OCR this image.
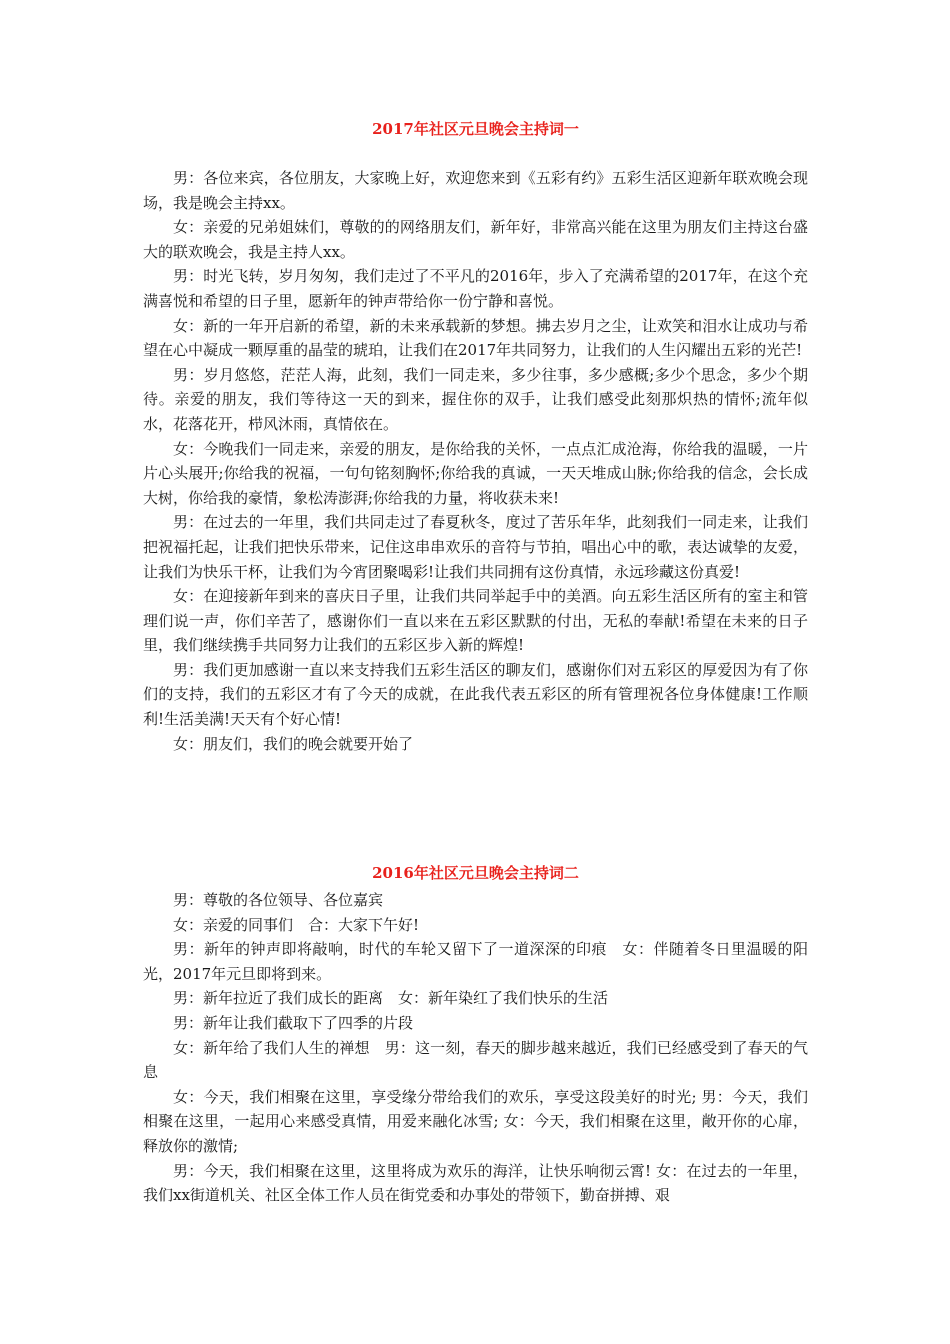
2017年社区元旦晚会主持词一

男：各位来宾，各位朋友，大家晚上好，欢迎您来到《五彩有约》五彩生活区迎新年联欢晚会现场，我是晚会主持xx。

女：亲爱的兄弟姐妹们，尊敬的的网络朋友们，新年好，非常高兴能在这里为朋友们主持这台盛大的联欢晚会，我是主持人xx。

男：时光飞转，岁月匆匆，我们走过了不平凡的2016年，步入了充满希望的2017年，在这个充满喜悦和希望的日子里，愿新年的钟声带给你一份宁静和喜悦。

女：新的一年开启新的希望，新的未来承载新的梦想。拂去岁月之尘，让欢笑和泪水让成功与希望在心中凝成一颗厚重的晶莹的琥珀，让我们在2017年共同努力，让我们的人生闪耀出五彩的光芒!

男：岁月悠悠，茫茫人海，此刻，我们一同走来，多少往事，多少感概;多少个思念，多少个期待。亲爱的朋友，我们等待这一天的到来，握住你的双手，让我们感受此刻那炽热的情怀;流年似水，花落花开，栉风沐雨，真情依在。

女：今晚我们一同走来，亲爱的朋友，是你给我的关怀，一点点汇成沧海，你给我的温暖，一片片心头展开;你给我的祝福，一句句铭刻胸怀;你给我的真诚，一天天堆成山脉;你给我的信念，会长成大树，你给我的豪情，象松涛澎湃;你给我的力量，将收获未来!

男：在过去的一年里，我们共同走过了春夏秋冬，度过了苦乐年华，此刻我们一同走来，让我们把祝福托起，让我们把快乐带来，记住这串串欢乐的音符与节拍，唱出心中的歌，表达诚挚的友爱，让我们为快乐干杯，让我们为今宵团聚喝彩!让我们共同拥有这份真情，永远珍藏这份真爱!

女：在迎接新年到来的喜庆日子里，让我们共同举起手中的美酒。向五彩生活区所有的室主和管理们说一声，你们辛苦了，感谢你们一直以来在五彩区默默的付出，无私的奉献!希望在未来的日子里，我们继续携手共同努力让我们的五彩区步入新的辉煌!

男：我们更加感谢一直以来支持我们五彩生活区的聊友们，感谢你们对五彩区的厚爱因为有了你们的支持，我们的五彩区才有了今天的成就，在此我代表五彩区的所有管理祝各位身体健康!工作顺利!生活美满!天天有个好心情!

女：朋友们，我们的晚会就要开始了

2016年社区元旦晚会主持词二

男：尊敬的各位领导、各位嘉宾

女：亲爱的同事们　合：大家下午好!

男：新年的钟声即将敲响，时代的车轮又留下了一道深深的印痕　女：伴随着冬日里温暖的阳光，2017年元旦即将到来。

男：新年拉近了我们成长的距离　女：新年染红了我们快乐的生活

男：新年让我们截取下了四季的片段

女：新年给了我们人生的禅想　男：这一刻，春天的脚步越来越近，我们已经感受到了春天的气息

女：今天，我们相聚在这里，享受缘分带给我们的欢乐，享受这段美好的时光; 男：今天，我们相聚在这里，一起用心来感受真情，用爱来融化冰雪; 女：今天，我们相聚在这里，敞开你的心扉，释放你的激情;

男：今天，我们相聚在这里，这里将成为欢乐的海洋，让快乐响彻云霄! 女：在过去的一年里，我们xx街道机关、社区全体工作人员在街党委和办事处的带领下，勤奋拼搏、艰
